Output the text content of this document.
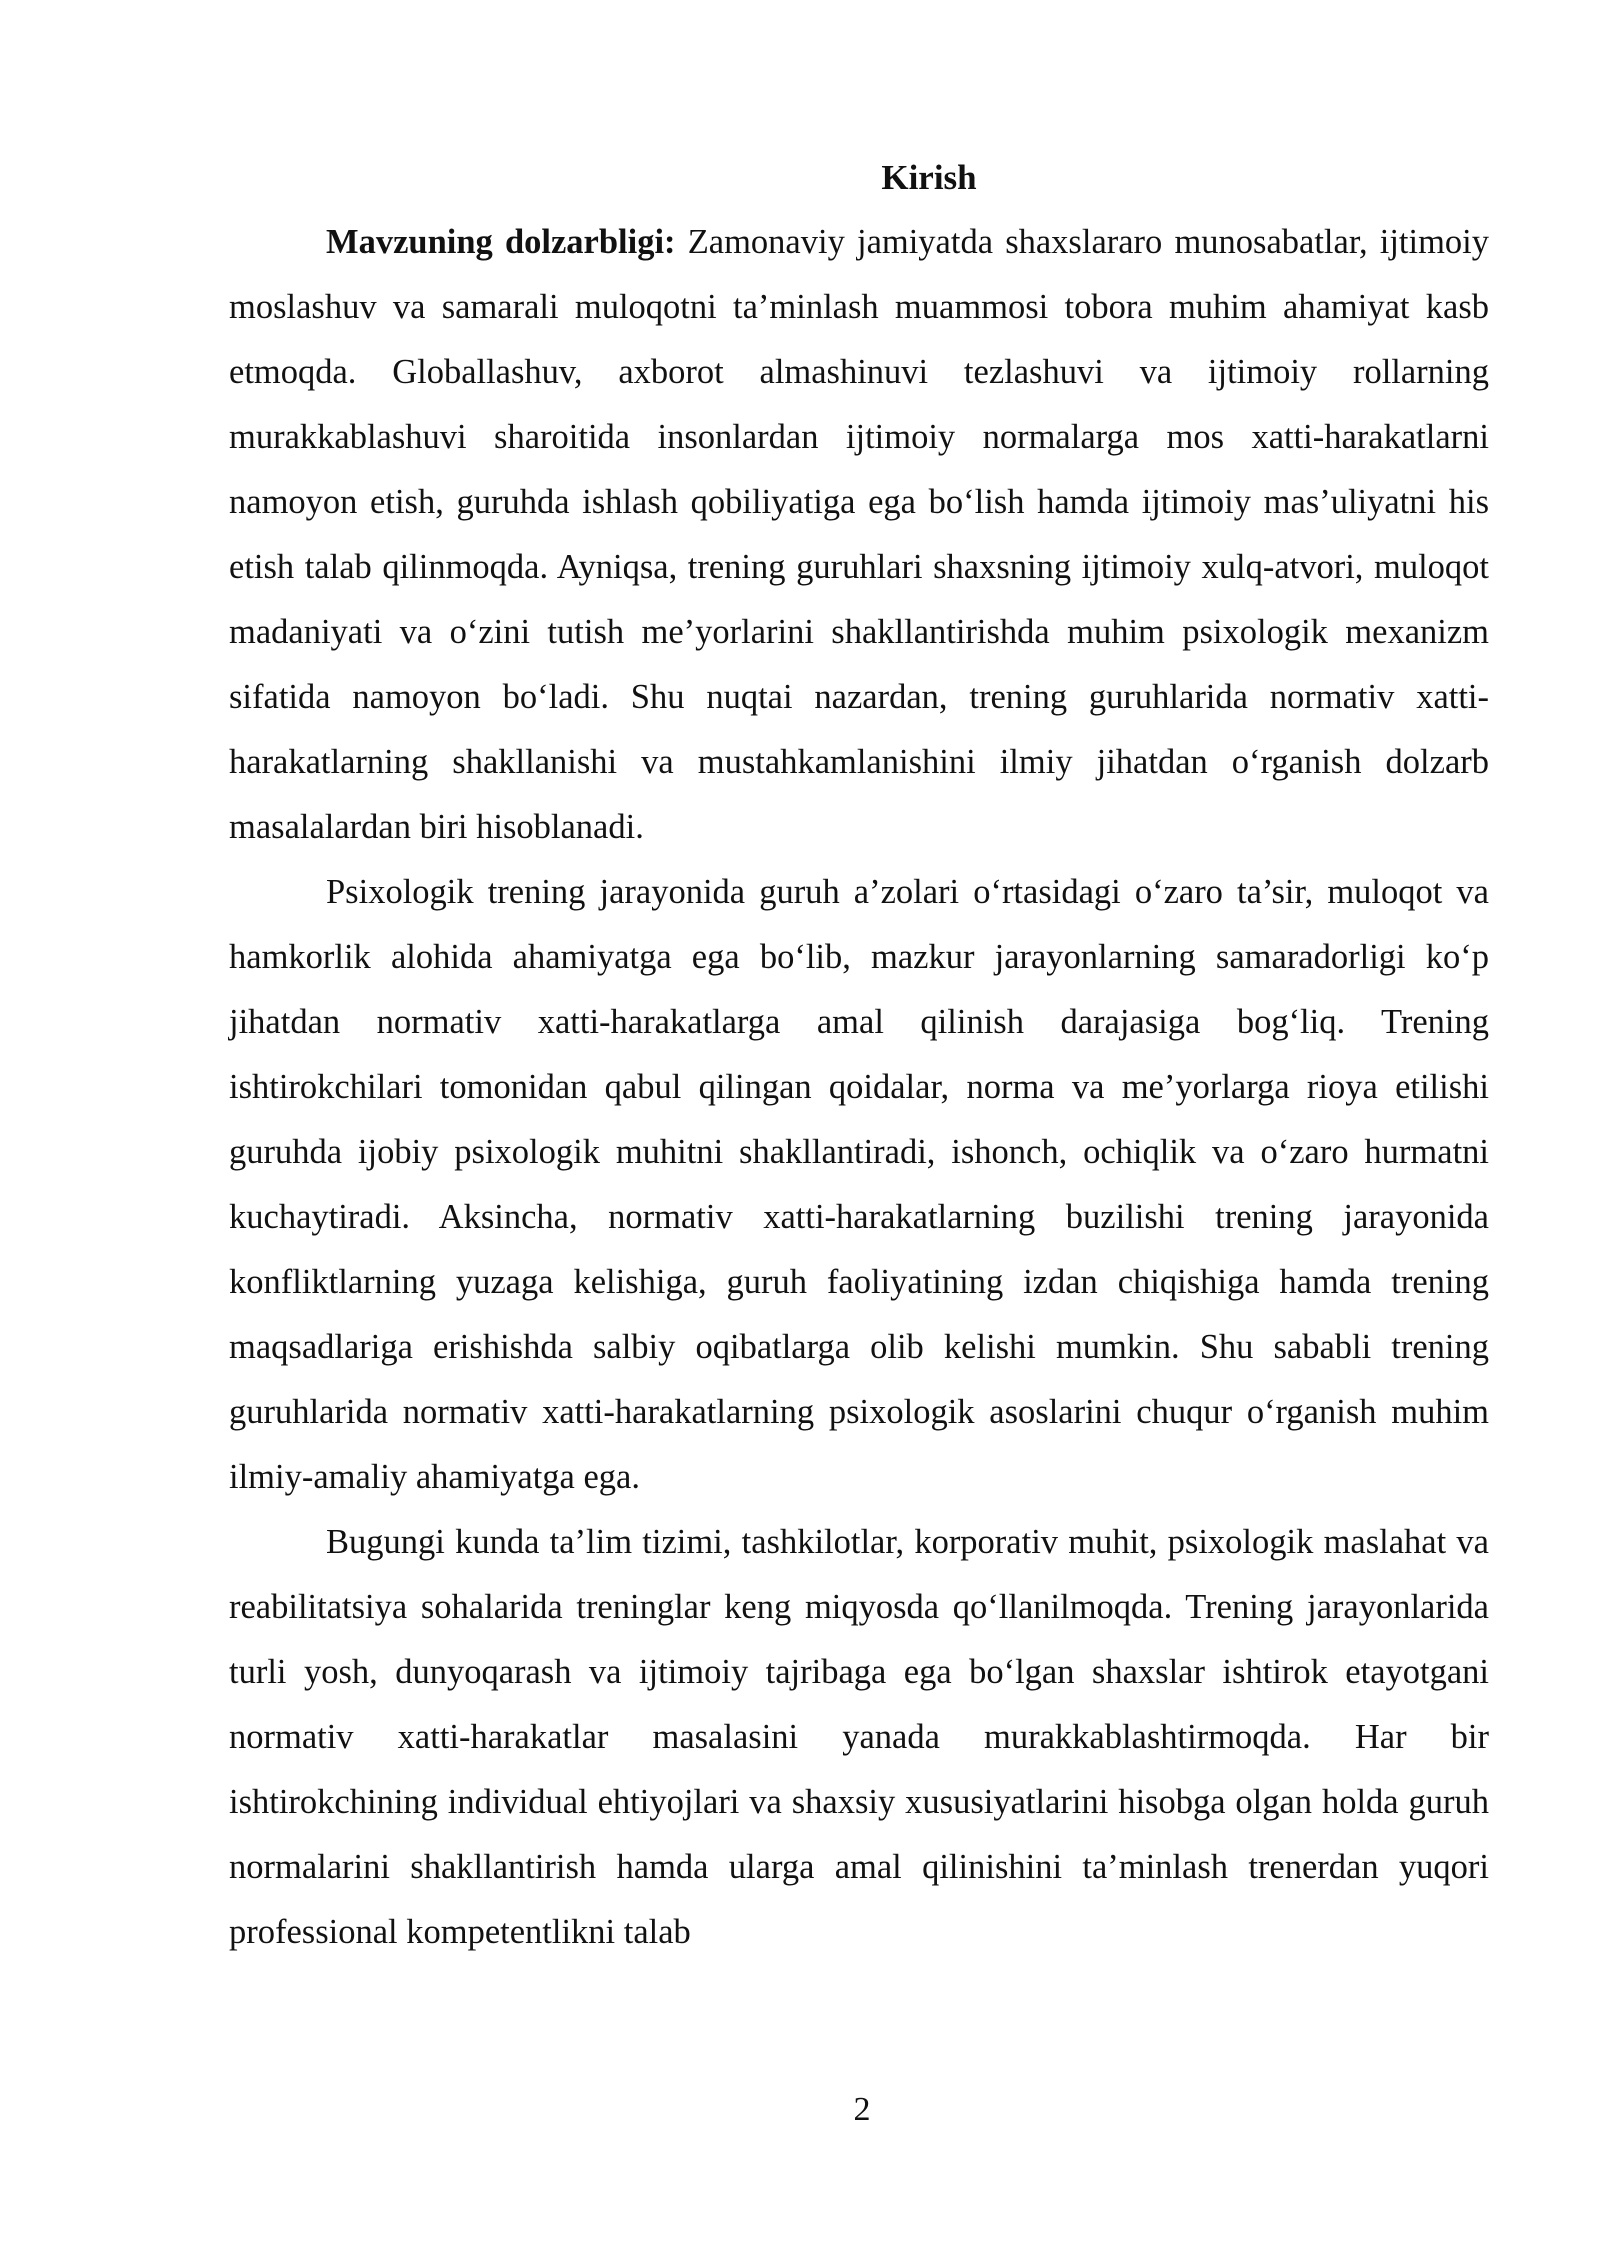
Kirish

Mavzuning dolzarbligi: Zamonaviy jamiyatda shaxslararo munosabatlar, ijtimoiy moslashuv va samarali muloqotni ta’minlash muammosi tobora muhim ahamiyat kasb etmoqda. Globallashuv, axborot almashinuvi tezlashuvi va ijtimoiy rollarning murakkablashuvi sharoitida insonlardan ijtimoiy normalarga mos xatti-harakatlarni namoyon etish, guruhda ishlash qobiliyatiga ega bo‘lish hamda ijtimoiy mas’uliyatni his etish talab qilinmoqda. Ayniqsa, trening guruhlari shaxsning ijtimoiy xulq-atvori, muloqot madaniyati va o‘zini tutish me’yorlarini shakllantirishda muhim psixologik mexanizm sifatida namoyon bo‘ladi. Shu nuqtai nazardan, trening guruhlarida normativ xatti-harakatlarning shakllanishi va mustahkamlanishini ilmiy jihatdan o‘rganish dolzarb masalalardan biri hisoblanadi.

Psixologik trening jarayonida guruh a’zolari o‘rtasidagi o‘zaro ta’sir, muloqot va hamkorlik alohida ahamiyatga ega bo‘lib, mazkur jarayonlarning samaradorligi ko‘p jihatdan normativ xatti-harakatlarga amal qilinish darajasiga bog‘liq. Trening ishtirokchilari tomonidan qabul qilingan qoidalar, norma va me’yorlarga rioya etilishi guruhda ijobiy psixologik muhitni shakllantiradi, ishonch, ochiqlik va o‘zaro hurmatni kuchaytiradi. Aksincha, normativ xatti-harakatlarning buzilishi trening jarayonida konfliktlarning yuzaga kelishiga, guruh faoliyatining izdan chiqishiga hamda trening maqsadlariga erishishda salbiy oqibatlarga olib kelishi mumkin. Shu sababli trening guruhlarida normativ xatti-harakatlarning psixologik asoslarini chuqur o‘rganish muhim ilmiy-amaliy ahamiyatga ega.

Bugungi kunda ta’lim tizimi, tashkilotlar, korporativ muhit, psixologik maslahat va reabilitatsiya sohalarida treninglar keng miqyosda qo‘llanilmoqda. Trening jarayonlarida turli yosh, dunyoqarash va ijtimoiy tajribaga ega bo‘lgan shaxslar ishtirok etayotgani normativ xatti-harakatlar masalasini yanada murakkablashtirmoqda. Har bir ishtirokchining individual ehtiyojlari va shaxsiy xususiyatlarini hisobga olgan holda guruh normalarini shakllantirish hamda ularga amal qilinishini ta’minlash trenerdan yuqori professional kompetentlikni talab

2
